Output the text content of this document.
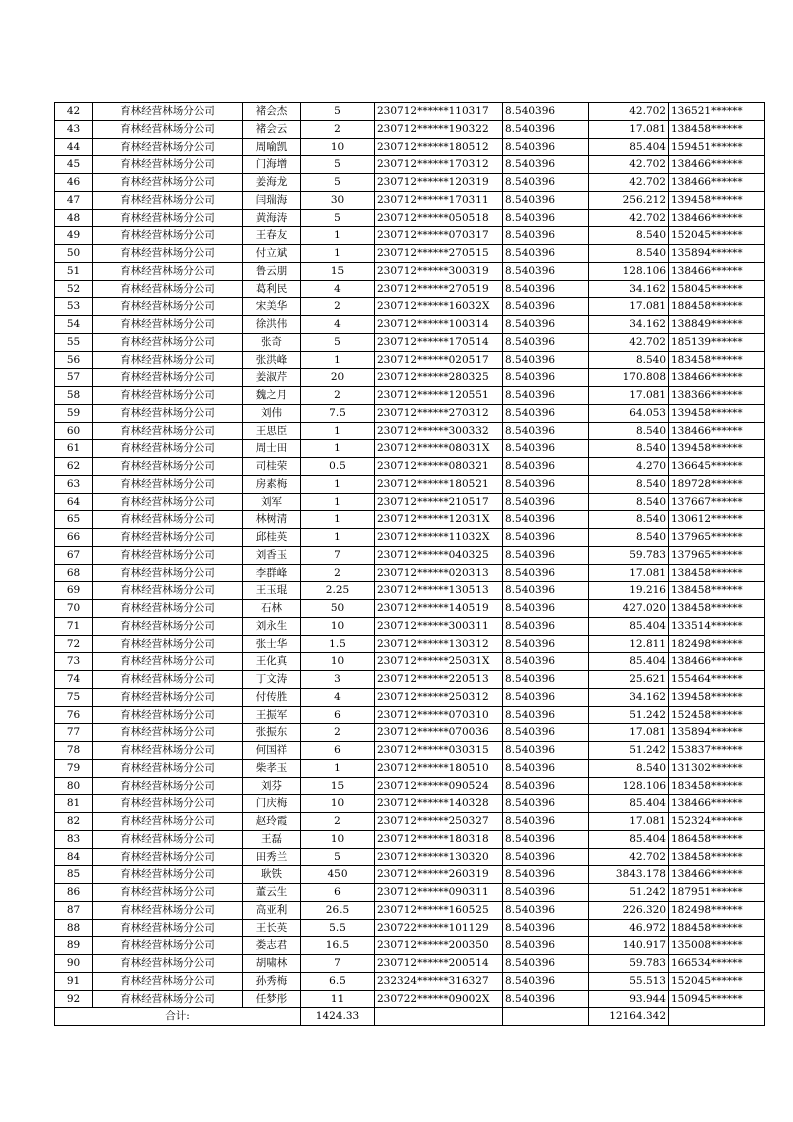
42	育林经营林场分公司	褚会杰	5	230712******110317	8.540396	42.702	136521******
43	育林经营林场分公司	褚会云	2	230712******190322	8.540396	17.081	138458******
44	育林经营林场分公司	周喻凯	10	230712******180512	8.540396	85.404	159451******
45	育林经营林场分公司	门海增	5	230712******170312	8.540396	42.702	138466******
46	育林经营林场分公司	姜海龙	5	230712******120319	8.540396	42.702	138466******
47	育林经营林场分公司	闫瑞海	30	230712******170311	8.540396	256.212	139458******
48	育林经营林场分公司	黄海涛	5	230712******050518	8.540396	42.702	138466******
49	育林经营林场分公司	王春友	1	230712******070317	8.540396	8.540	152045******
50	育林经营林场分公司	付立斌	1	230712******270515	8.540396	8.540	135894******
51	育林经营林场分公司	鲁云朋	15	230712******300319	8.540396	128.106	138466******
52	育林经营林场分公司	葛利民	4	230712******270519	8.540396	34.162	158045******
53	育林经营林场分公司	宋美华	2	230712******16032X	8.540396	17.081	188458******
54	育林经营林场分公司	徐洪伟	4	230712******100314	8.540396	34.162	138849******
55	育林经营林场分公司	张奇	5	230712******170514	8.540396	42.702	185139******
56	育林经营林场分公司	张洪峰	1	230712******020517	8.540396	8.540	183458******
57	育林经营林场分公司	姜淑芹	20	230712******280325	8.540396	170.808	138466******
58	育林经营林场分公司	魏之月	2	230712******120551	8.540396	17.081	138366******
59	育林经营林场分公司	刘伟	7.5	230712******270312	8.540396	64.053	139458******
60	育林经营林场分公司	王思臣	1	230712******300332	8.540396	8.540	138466******
61	育林经营林场分公司	周士田	1	230712******08031X	8.540396	8.540	139458******
62	育林经营林场分公司	司桂荣	0.5	230712******080321	8.540396	4.270	136645******
63	育林经营林场分公司	房素梅	1	230712******180521	8.540396	8.540	189728******
64	育林经营林场分公司	刘军	1	230712******210517	8.540396	8.540	137667******
65	育林经营林场分公司	林树清	1	230712******12031X	8.540396	8.540	130612******
66	育林经营林场分公司	邱桂英	1	230712******11032X	8.540396	8.540	137965******
67	育林经营林场分公司	刘香玉	7	230712******040325	8.540396	59.783	137965******
68	育林经营林场分公司	李群峰	2	230712******020313	8.540396	17.081	138458******
69	育林经营林场分公司	王玉琨	2.25	230712******130513	8.540396	19.216	138458******
70	育林经营林场分公司	石林	50	230712******140519	8.540396	427.020	138458******
71	育林经营林场分公司	刘永生	10	230712******300311	8.540396	85.404	133514******
72	育林经营林场分公司	张士华	1.5	230712******130312	8.540396	12.811	182498******
73	育林经营林场分公司	王化真	10	230712******25031X	8.540396	85.404	138466******
74	育林经营林场分公司	丁文涛	3	230712******220513	8.540396	25.621	155464******
75	育林经营林场分公司	付传胜	4	230712******250312	8.540396	34.162	139458******
76	育林经营林场分公司	王振军	6	230712******070310	8.540396	51.242	152458******
77	育林经营林场分公司	张振东	2	230712******070036	8.540396	17.081	135894******
78	育林经营林场分公司	何国祥	6	230712******030315	8.540396	51.242	153837******
79	育林经营林场分公司	柴孝玉	1	230712******180510	8.540396	8.540	131302******
80	育林经营林场分公司	刘芬	15	230712******090524	8.540396	128.106	183458******
81	育林经营林场分公司	门庆梅	10	230712******140328	8.540396	85.404	138466******
82	育林经营林场分公司	赵玲霞	2	230712******250327	8.540396	17.081	152324******
83	育林经营林场分公司	王磊	10	230712******180318	8.540396	85.404	186458******
84	育林经营林场分公司	田秀兰	5	230712******130320	8.540396	42.702	138458******
85	育林经营林场分公司	耿铁	450	230712******260319	8.540396	3843.178	138466******
86	育林经营林场分公司	董云生	6	230712******090311	8.540396	51.242	187951******
87	育林经营林场分公司	高亚利	26.5	230712******160525	8.540396	226.320	182498******
88	育林经营林场分公司	王长英	5.5	230722******101129	8.540396	46.972	188458******
89	育林经营林场分公司	娄志君	16.5	230712******200350	8.540396	140.917	135008******
90	育林经营林场分公司	胡啸林	7	230712******200514	8.540396	59.783	166534******
91	育林经营林场分公司	孙秀梅	6.5	232324******316327	8.540396	55.513	152045******
92	育林经营林场分公司	任梦彤	11	230722******09002X	8.540396	93.944	150945******
合计:			1424.33			12164.342	
